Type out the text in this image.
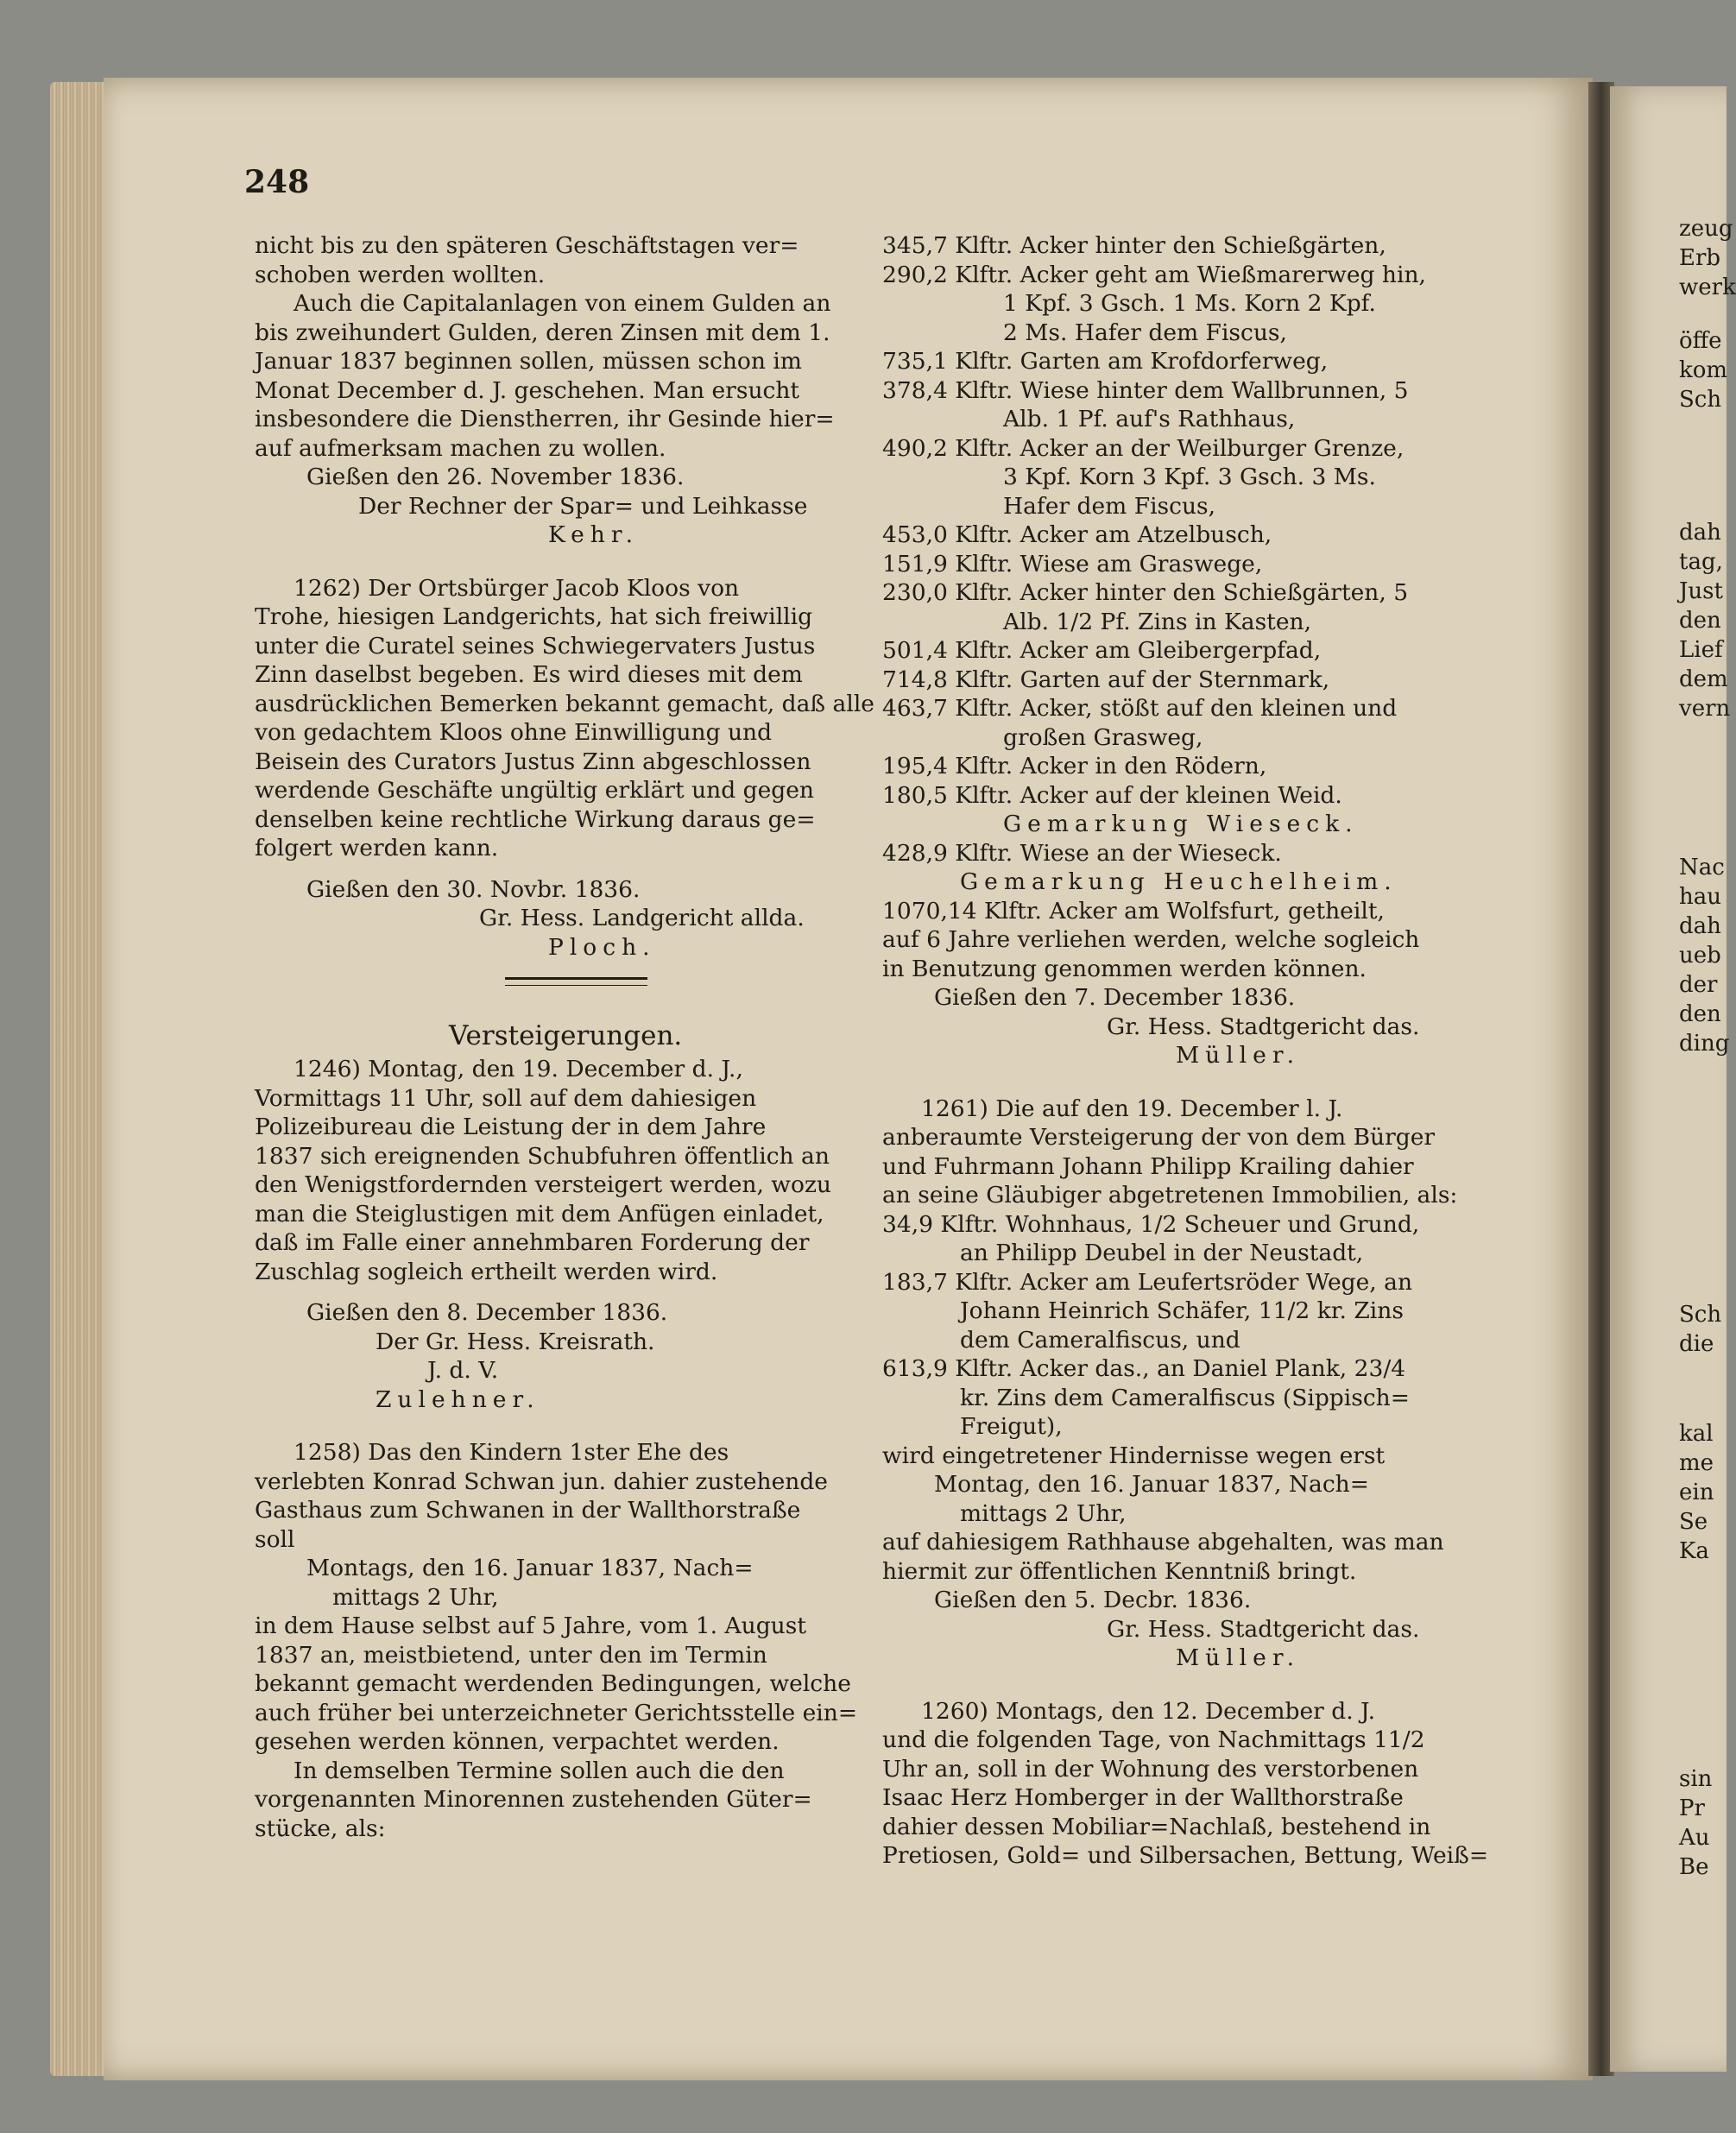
248
nicht bis zu den späteren Geschäftstagen ver=
schoben werden wollten.
Auch die Capitalanlagen von einem Gulden an
bis zweihundert Gulden, deren Zinsen mit dem 1.
Januar 1837 beginnen sollen, müssen schon im
Monat December d. J. geschehen. Man ersucht
insbesondere die Dienstherren, ihr Gesinde hier=
auf aufmerksam machen zu wollen.
Gießen den 26. November 1836.
Der Rechner der Spar= und Leihkasse
Kehr.
1262) Der Ortsbürger Jacob Kloos von
Trohe, hiesigen Landgerichts, hat sich freiwillig
unter die Curatel seines Schwiegervaters Justus
Zinn daselbst begeben. Es wird dieses mit dem
ausdrücklichen Bemerken bekannt gemacht, daß alle
von gedachtem Kloos ohne Einwilligung und
Beisein des Curators Justus Zinn abgeschlossen
werdende Geschäfte ungültig erklärt und gegen
denselben keine rechtliche Wirkung daraus ge=
folgert werden kann.
Gießen den 30. Novbr. 1836.
Gr. Hess. Landgericht allda.
Ploch.
Versteigerungen.
1246) Montag, den 19. December d. J.,
Vormittags 11 Uhr, soll auf dem dahiesigen
Polizeibureau die Leistung der in dem Jahre
1837 sich ereignenden Schubfuhren öffentlich an
den Wenigstfordernden versteigert werden, wozu
man die Steiglustigen mit dem Anfügen einladet,
daß im Falle einer annehmbaren Forderung der
Zuschlag sogleich ertheilt werden wird.
Gießen den 8. December 1836.
Der Gr. Hess. Kreisrath.
J. d. V.
Zulehner.
1258) Das den Kindern 1ster Ehe des
verlebten Konrad Schwan jun. dahier zustehende
Gasthaus zum Schwanen in der Wallthorstraße
soll
Montags, den 16. Januar 1837, Nach=
mittags 2 Uhr,
in dem Hause selbst auf 5 Jahre, vom 1. August
1837 an, meistbietend, unter den im Termin
bekannt gemacht werdenden Bedingungen, welche
auch früher bei unterzeichneter Gerichtsstelle ein=
gesehen werden können, verpachtet werden.
In demselben Termine sollen auch die den
vorgenannten Minorennen zustehenden Güter=
stücke, als:
345,7 Klftr. Acker hinter den Schießgärten,
290,2 Klftr. Acker geht am Wießmarerweg hin,
1 Kpf. 3 Gsch. 1 Ms. Korn 2 Kpf.
2 Ms. Hafer dem Fiscus,
735,1 Klftr. Garten am Krofdorferweg,
378,4 Klftr. Wiese hinter dem Wallbrunnen, 5
Alb. 1 Pf. auf's Rathhaus,
490,2 Klftr. Acker an der Weilburger Grenze,
3 Kpf. Korn 3 Kpf. 3 Gsch. 3 Ms.
Hafer dem Fiscus,
453,0 Klftr. Acker am Atzelbusch,
151,9 Klftr. Wiese am Graswege,
230,0 Klftr. Acker hinter den Schießgärten, 5
Alb. 1/2 Pf. Zins in Kasten,
501,4 Klftr. Acker am Gleibergerpfad,
714,8 Klftr. Garten auf der Sternmark,
463,7 Klftr. Acker, stößt auf den kleinen und
großen Grasweg,
195,4 Klftr. Acker in den Rödern,
180,5 Klftr. Acker auf der kleinen Weid.
Gemarkung Wieseck.
428,9 Klftr. Wiese an der Wieseck.
Gemarkung Heuchelheim.
1070,14 Klftr. Acker am Wolfsfurt, getheilt,
auf 6 Jahre verliehen werden, welche sogleich
in Benutzung genommen werden können.
Gießen den 7. December 1836.
Gr. Hess. Stadtgericht das.
Müller.
1261) Die auf den 19. December l. J.
anberaumte Versteigerung der von dem Bürger
und Fuhrmann Johann Philipp Krailing dahier
an seine Gläubiger abgetretenen Immobilien, als:
34,9 Klftr. Wohnhaus, 1/2 Scheuer und Grund,
an Philipp Deubel in der Neustadt,
183,7 Klftr. Acker am Leufertsröder Wege, an
Johann Heinrich Schäfer, 11/2 kr. Zins
dem Cameralfiscus, und
613,9 Klftr. Acker das., an Daniel Plank, 23/4
kr. Zins dem Cameralfiscus (Sippisch=
Freigut),
wird eingetretener Hindernisse wegen erst
Montag, den 16. Januar 1837, Nach=
mittags 2 Uhr,
auf dahiesigem Rathhause abgehalten, was man
hiermit zur öffentlichen Kenntniß bringt.
Gießen den 5. Decbr. 1836.
Gr. Hess. Stadtgericht das.
Müller.
1260) Montags, den 12. December d. J.
und die folgenden Tage, von Nachmittags 11/2
Uhr an, soll in der Wohnung des verstorbenen
Isaac Herz Homberger in der Wallthorstraße
dahier dessen Mobiliar=Nachlaß, bestehend in
Pretiosen, Gold= und Silbersachen, Bettung, Weiß=
zeug
Erb
werk
öffe
kom
Sch
dah
tag,
Just
den
Lief
dem
vern
Nac
hau
dah
ueb
der
den
ding
Sch
die
kal
me
ein
Se
Ka
sin
Pr
Au
Be
